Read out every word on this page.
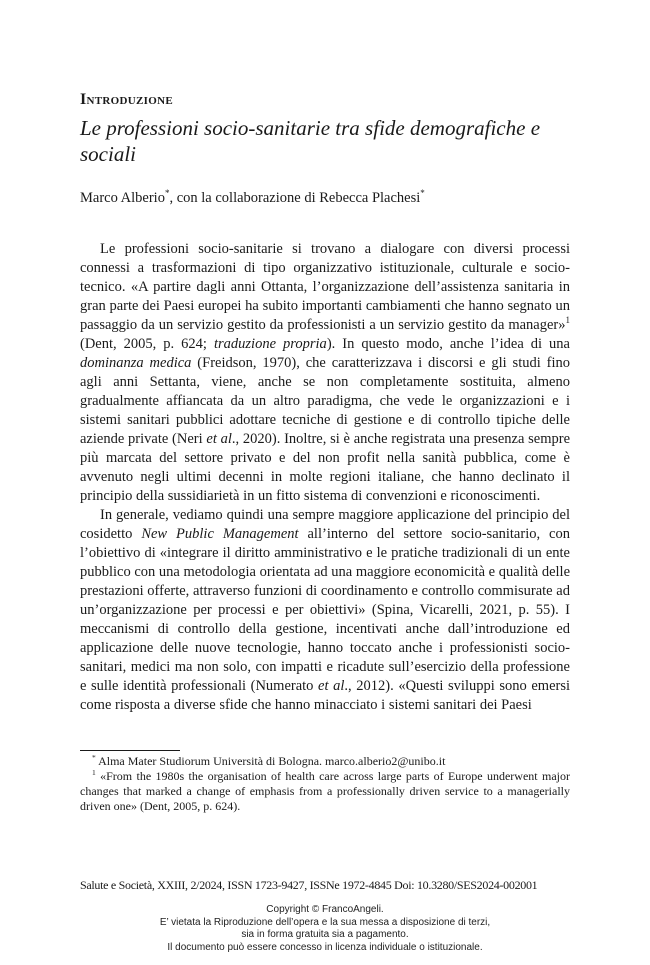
Introduzione
Le professioni socio-sanitarie tra sfide demografiche e sociali
Marco Alberio*, con la collaborazione di Rebecca Plachesi*

Le professioni socio-sanitarie si trovano a dialogare con diversi processi connessi a trasformazioni di tipo organizzativo istituzionale, culturale e socio-tecnico. «A partire dagli anni Ottanta, l’organizzazione dell’assistenza sanitaria in gran parte dei Paesi europei ha subito importanti cambiamenti che hanno segnato un passaggio da un servizio gestito da professionisti a un servizio gestito da manager»$^1$ (Dent, 2005, p. 624; traduzione propria). In questo modo, anche l’idea di una dominanza medica (Freidson, 1970), che caratterizzava i discorsi e gli studi fino agli anni Settanta, viene, anche se non completamente sostituita, almeno gradualmente affiancata da un altro paradigma, che vede le organizzazioni e i sistemi sanitari pubblici adottare tecniche di gestione e di controllo tipiche delle aziende private (Neri et al., 2020). Inoltre, si è anche registrata una presenza sempre più marcata del settore privato e del non profit nella sanità pubblica, come è avvenuto negli ultimi decenni in molte regioni italiane, che hanno declinato il principio della sussidiarietà in un fitto sistema di convenzioni e riconoscimenti.

In generale, vediamo quindi una sempre maggiore applicazione del principio del cosidetto New Public Management all’interno del settore socio-sanitario, con l’obiettivo di «integrare il diritto amministrativo e le pratiche tradizionali di un ente pubblico con una metodologia orientata ad una maggiore economicità e qualità delle prestazioni offerte, attraverso funzioni di coordinamento e controllo commisurate ad un’organizzazione per processi e per obiettivi» (Spina, Vicarelli, 2021, p. 55). I meccanismi di controllo della gestione, incentivati anche dall’introduzione ed applicazione delle nuove tecnologie, hanno toccato anche i professionisti socio-sanitari, medici ma non solo, con impatti e ricadute sull’esercizio della professione e sulle identità professionali (Numerato et al., 2012). «Questi sviluppi sono emersi come risposta a diverse sfide che hanno minacciato i sistemi sanitari dei Paesi

* Alma Mater Studiorum Università di Bologna. marco.alberio2@unibo.it

$^1$ «From the 1980s the organisation of health care across large parts of Europe underwent major changes that marked a change of emphasis from a professionally driven service to a managerially driven one» (Dent, 2005, p. 624).

Salute e Società, XXIII, 2/2024, ISSN 1723-9427, ISSNe 1972-4845 Doi: 10.3280/SES2024-002001
Copyright © FrancoAngeli.
E’ vietata la Riproduzione dell’opera e la sua messa a disposizione di terzi,
sia in forma gratuita sia a pagamento.
Il documento può essere concesso in licenza individuale o istituzionale.
